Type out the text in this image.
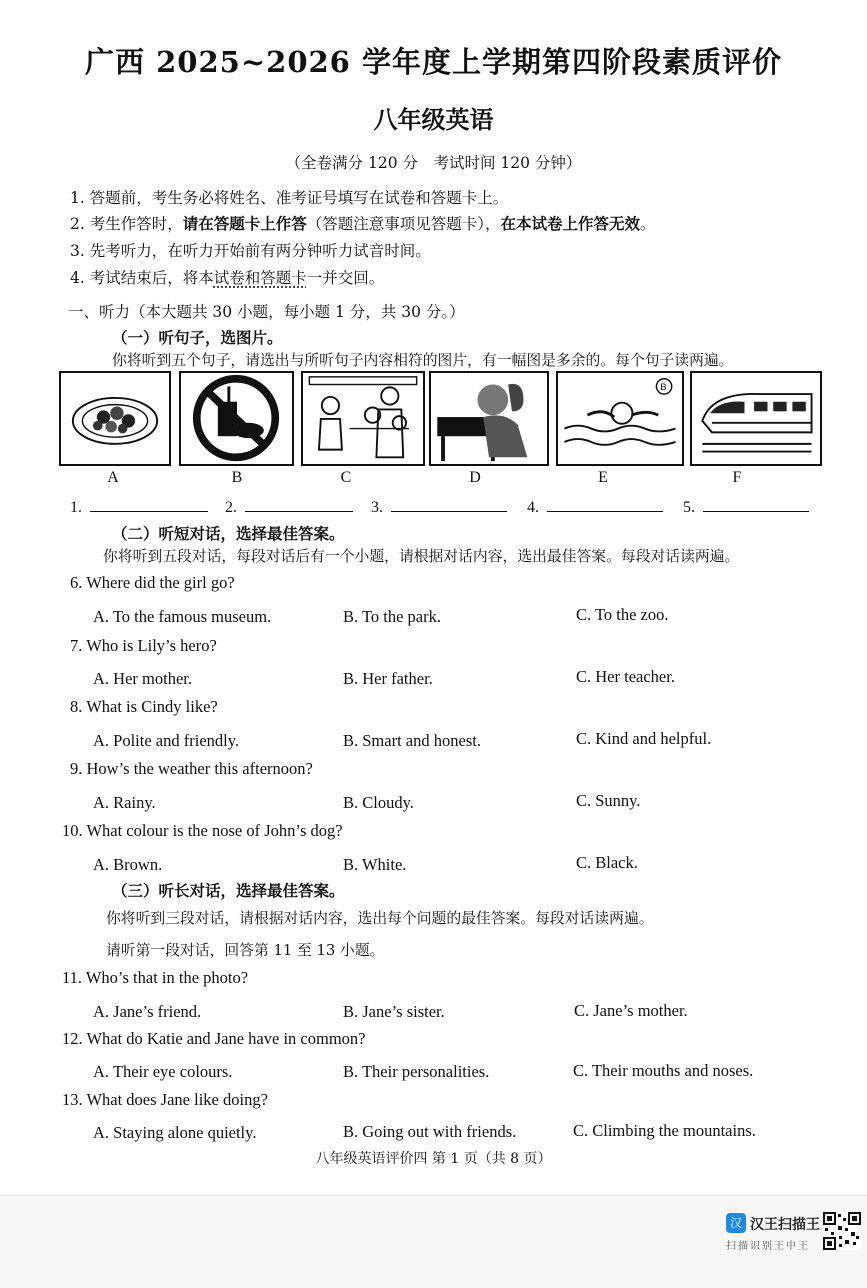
广西 2025~2026 学年度上学期第四阶段素质评价
八年级英语
（全卷满分 120 分　考试时间 120 分钟）
1. 答题前，考生务必将姓名、准考证号填写在试卷和答题卡上。
2. 考生作答时，请在答题卡上作答（答题注意事项见答题卡），在本试卷上作答无效。
3. 先考听力，在听力开始前有两分钟听力试音时间。
4. 考试结束后，将本试卷和答题卡一并交回。
一、听力（本大题共 30 小题，每小题 1 分，共 30 分。）
（一）听句子，选图片。
你将听到五个句子，请选出与所听句子内容相符的图片，有一幅图是多余的。每个句子读两遍。
B
A	B	C	D	E	F
1.	2.	3.	4.	5.
（二）听短对话，选择最佳答案。
你将听到五段对话，每段对话后有一个小题，请根据对话内容，选出最佳答案。每段对话读两遍。
6. Where did the girl go?
A. To the famous museum.	B. To the park.	C. To the zoo.
7. Who is Lily’s hero?
A. Her mother.	B. Her father.	C. Her teacher.
8. What is Cindy like?
A. Polite and friendly.	B. Smart and honest.	C. Kind and helpful.
9. How’s the weather this afternoon?
A. Rainy.	B. Cloudy.	C. Sunny.
10. What colour is the nose of John’s dog?
A. Brown.	B. White.	C. Black.
（三）听长对话，选择最佳答案。
你将听到三段对话，请根据对话内容，选出每个问题的最佳答案。每段对话读两遍。
请听第一段对话，回答第 11 至 13 小题。
11. Who’s that in the photo?
A. Jane’s friend.	B. Jane’s sister.	C. Jane’s mother.
12. What do Katie and Jane have in common?
A. Their eye colours.	B. Their personalities.	C. Their mouths and noses.
13. What does Jane like doing?
A. Staying alone quietly.	B. Going out with friends.	C. Climbing the mountains.
八年级英语评价四 第 1 页（共 8 页）
汉 汉王扫描王
扫描识别王中王
